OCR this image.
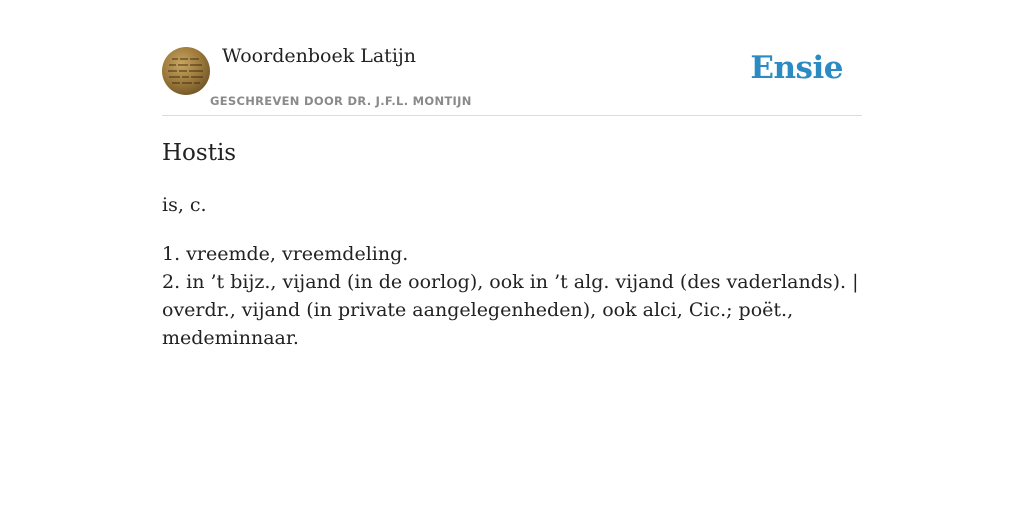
Woordenboek Latijn
GESCHREVEN DOOR DR. J.F.L. MONTIJN
Ensie
Hostis

is, c.

1. vreemde, vreemdeling.
2. in ’t bijz., vijand (in de oorlog), ook in ’t alg. vijand (des vaderlands). | overdr., vijand (in private aangelegenheden), ook alci, Cic.; poët., medeminnaar.
